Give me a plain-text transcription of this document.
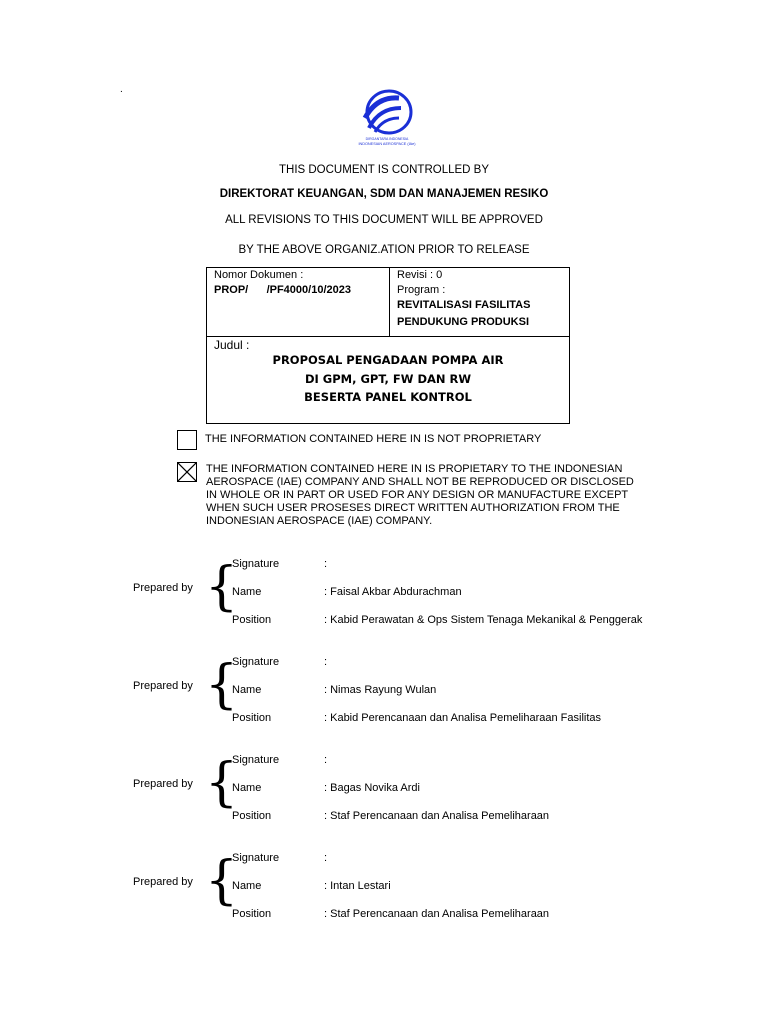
.
DIRGANTARA INDONESIA
INDONESIAN AEROSPACE (IAe)
THIS DOCUMENT IS CONTROLLED BY
DIREKTORAT KEUANGAN, SDM DAN MANAJEMEN RESIKO
ALL REVISIONS TO THIS DOCUMENT WILL BE APPROVED
BY THE ABOVE ORGANIZ.ATION PRIOR TO RELEASE
Nomor Dokumen :
PROP/      /PF4000/10/2023
Revisi : 0
Program :
REVITALISASI FASILITAS
PENDUKUNG PRODUKSI
Judul :
PROPOSAL PENGADAAN POMPA AIR
DI GPM, GPT, FW DAN RW
BESERTA PANEL KONTROL
THE INFORMATION CONTAINED HERE IN IS NOT PROPRIETARY
THE INFORMATION CONTAINED HERE IN IS PROPIETARY TO THE INDONESIAN
AEROSPACE (IAE) COMPANY AND SHALL NOT BE REPRODUCED OR DISCLOSED
IN WHOLE OR IN PART OR USED FOR ANY DESIGN OR MANUFACTURE EXCEPT
WHEN SUCH USER PROSESES DIRECT WRITTEN AUTHORIZATION FROM THE
INDONESIAN AEROSPACE (IAE) COMPANY.
Prepared by {
Signature	:
Name	: Faisal Akbar Abdurachman
Position	: Kabid Perawatan & Ops Sistem Tenaga Mekanikal & Penggerak
Prepared by {
Signature	:
Name	: Nimas Rayung Wulan
Position	: Kabid Perencanaan dan Analisa Pemeliharaan Fasilitas
Prepared by {
Signature	:
Name	: Bagas Novika Ardi
Position	: Staf Perencanaan dan Analisa Pemeliharaan
Prepared by {
Signature	:
Name	: Intan Lestari
Position	: Staf Perencanaan dan Analisa Pemeliharaan
